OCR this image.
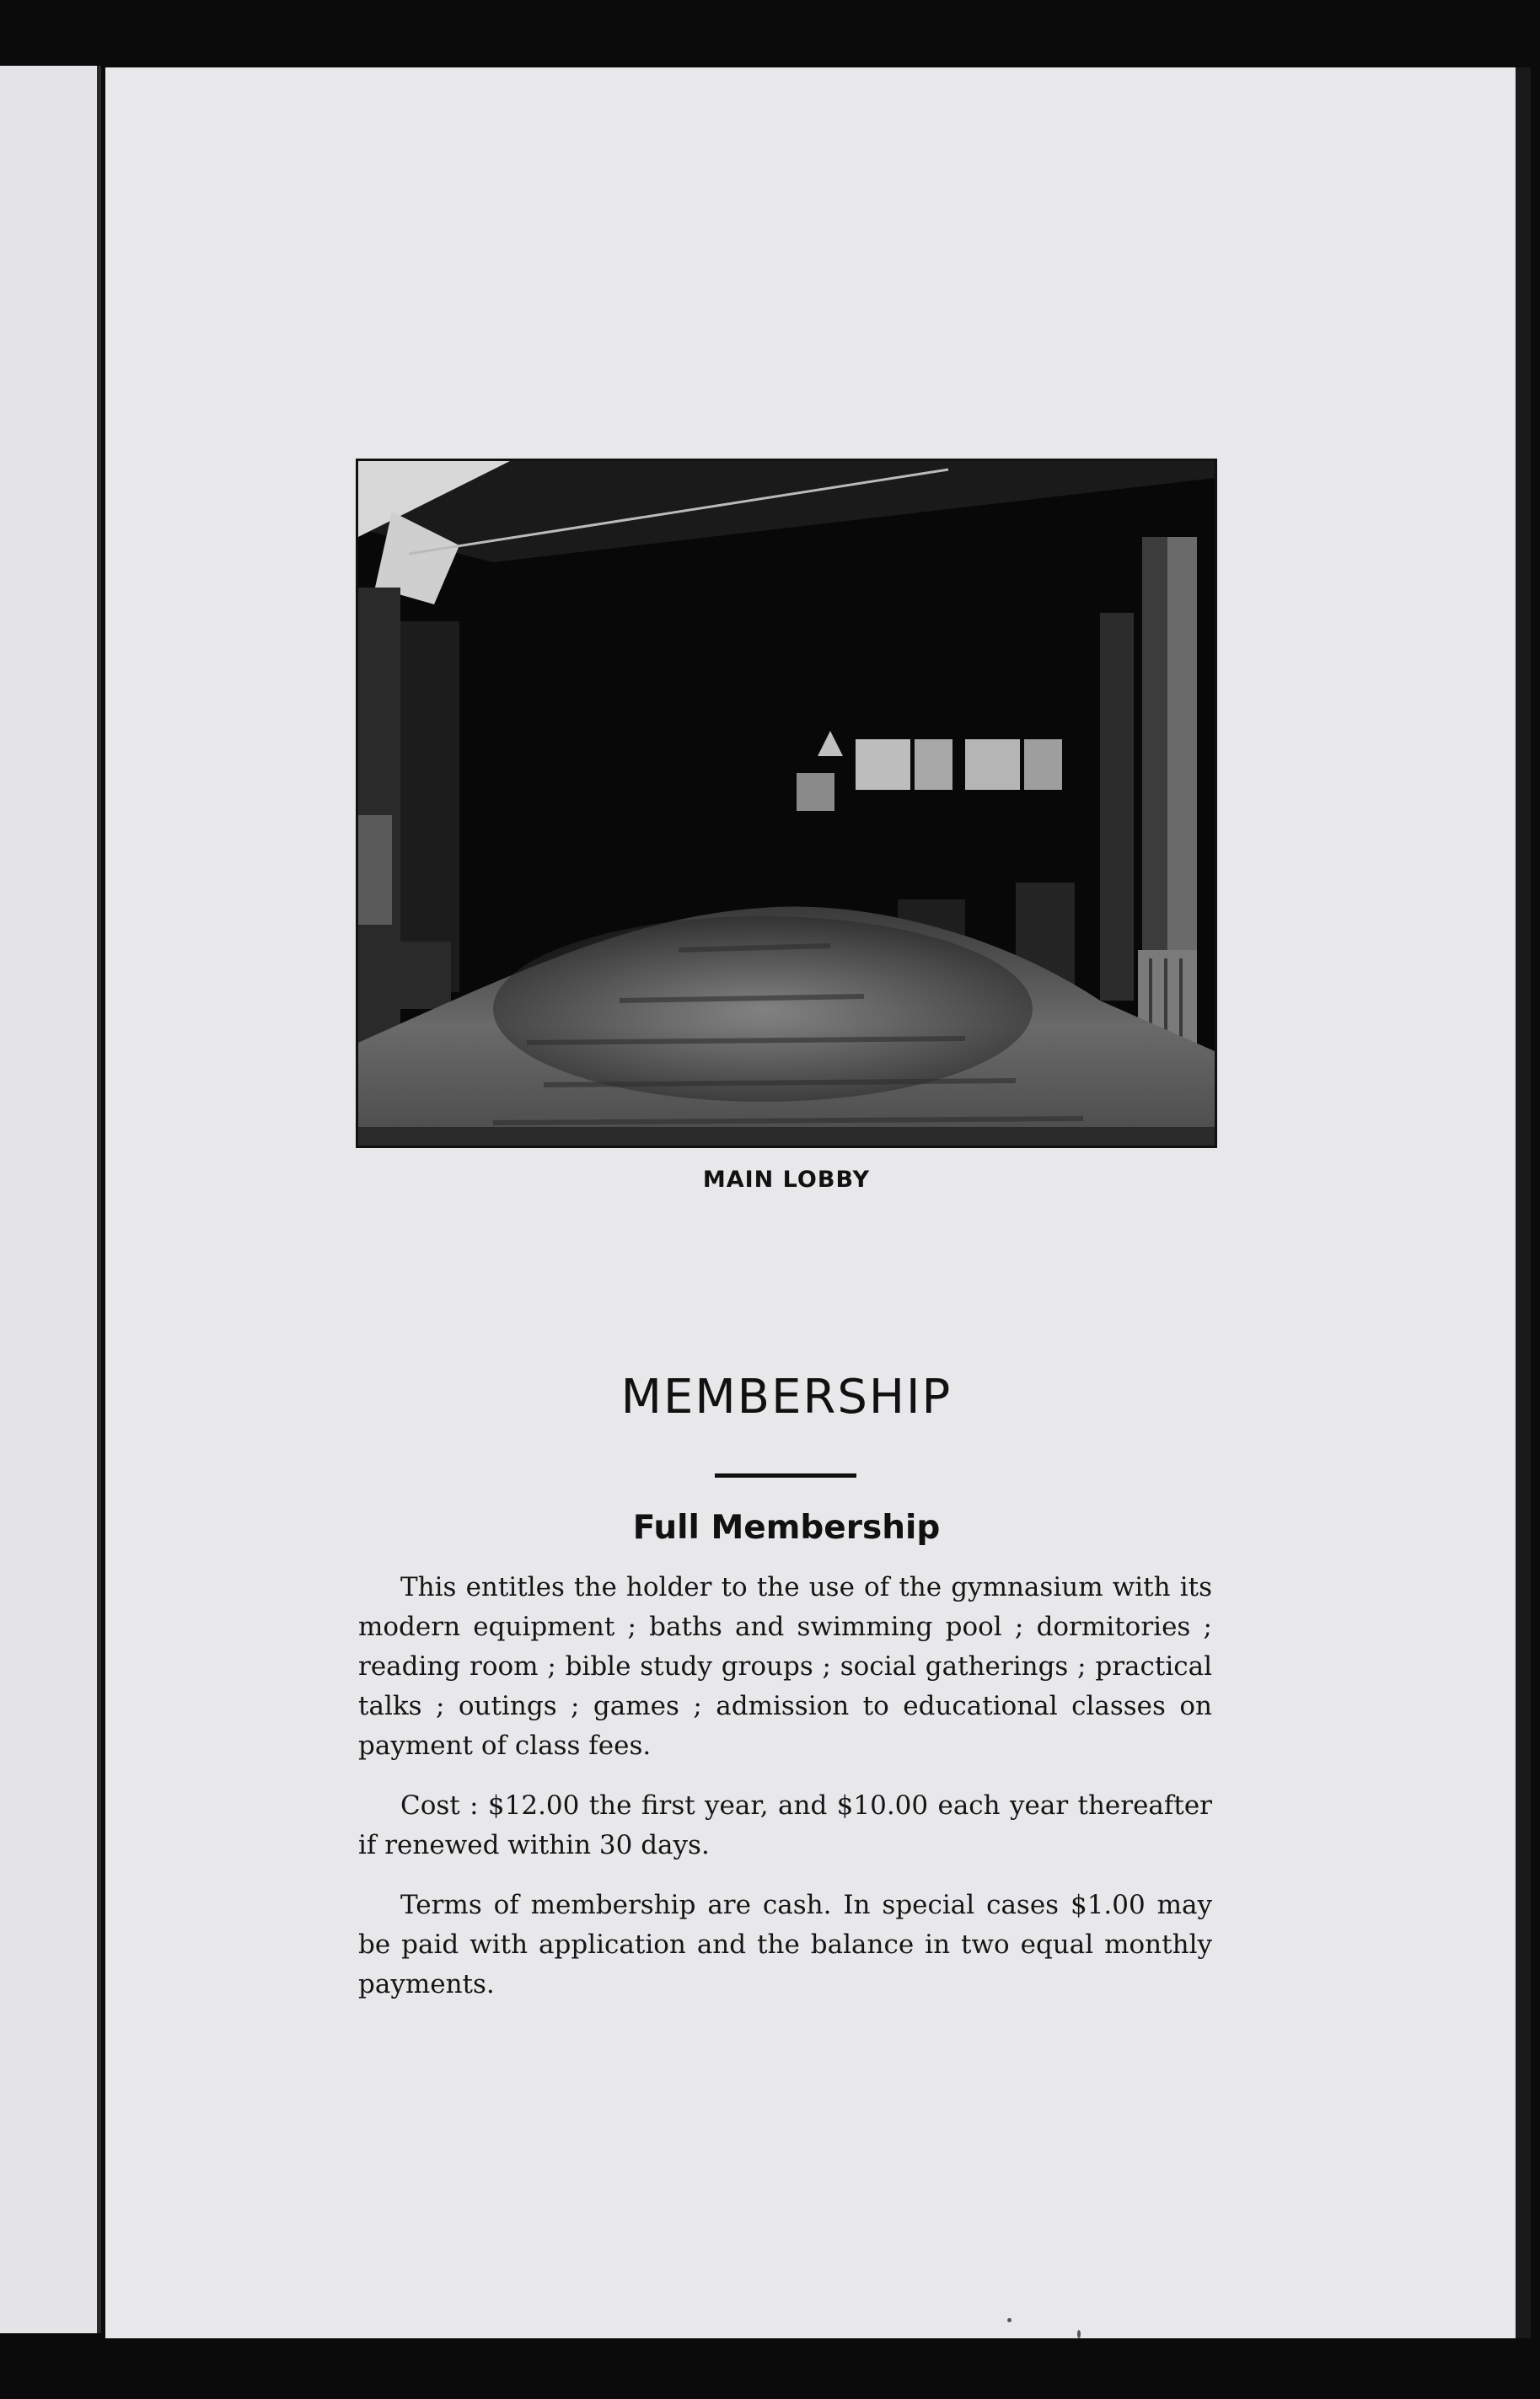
MAIN LOBBY
MEMBERSHIP
Full Membership

This entitles the holder to the use of the gymnasium with its modern equipment ; baths and swimming pool ; dormitories ; reading room ; bible study groups ; social gatherings ; practical talks ; outings ; games ; admission to educational classes on payment of class fees.

Cost : $12.00 the first year, and $10.00 each year thereafter if renewed within 30 days.

Terms of membership are cash. In special cases $1.00 may be paid with application and the balance in two equal monthly payments.
